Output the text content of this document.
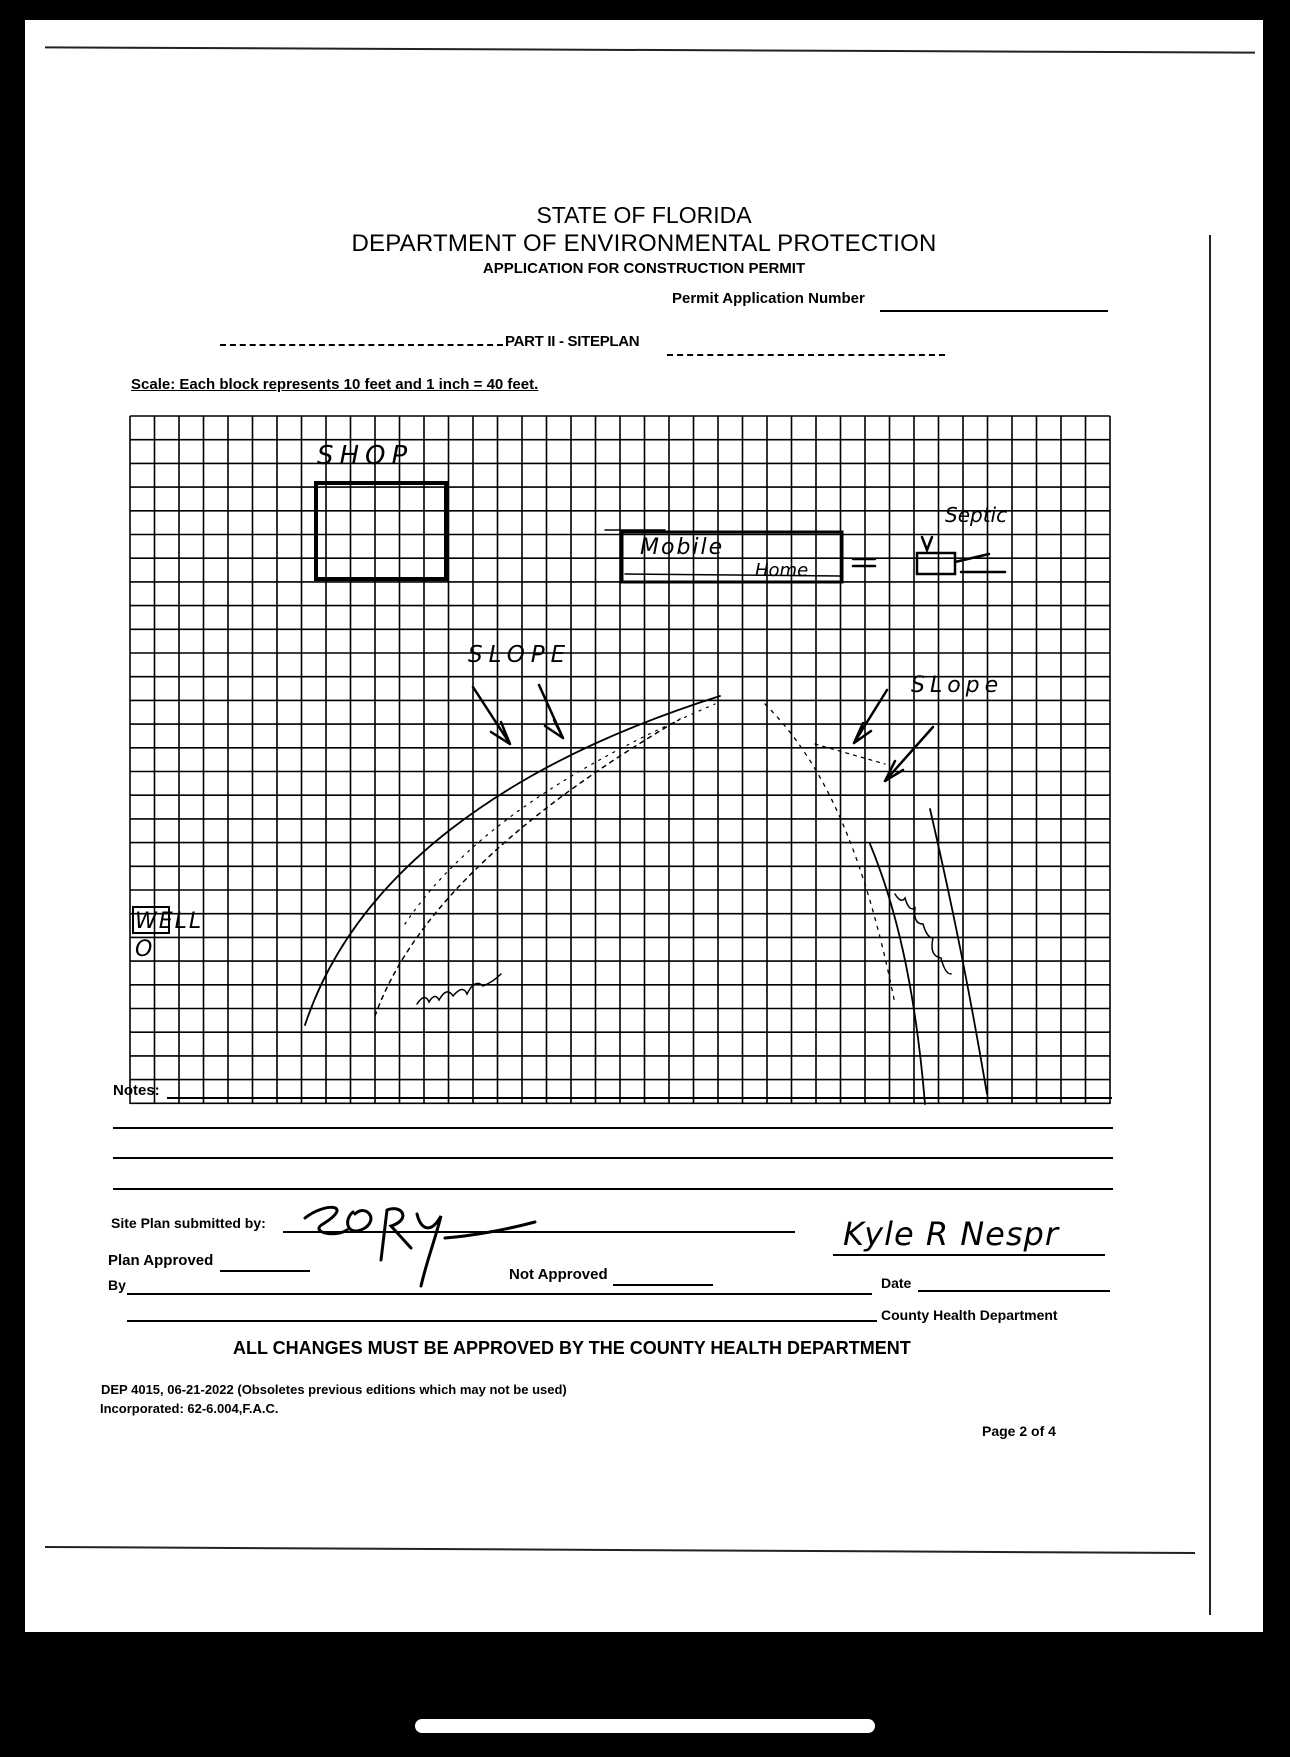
STATE OF FLORIDA
DEPARTMENT OF ENVIRONMENTAL PROTECTION
APPLICATION FOR CONSTRUCTION PERMIT
Permit Application Number
PART II - SITEPLAN
Scale: Each block represents 10 feet and 1 inch = 40 feet.
SHOP
Mobile
Home
Septic
SLOPE
SLope
WELL
O
Notes:
Site Plan submitted by:	Kyle R Nespr
Plan Approved
Not Approved
By	Date
County Health Department
ALL CHANGES MUST BE APPROVED BY THE COUNTY HEALTH DEPARTMENT
DEP 4015, 06-21-2022 (Obsoletes previous editions which may not be used)
Incorporated: 62-6.004,F.A.C.
Page 2 of 4
